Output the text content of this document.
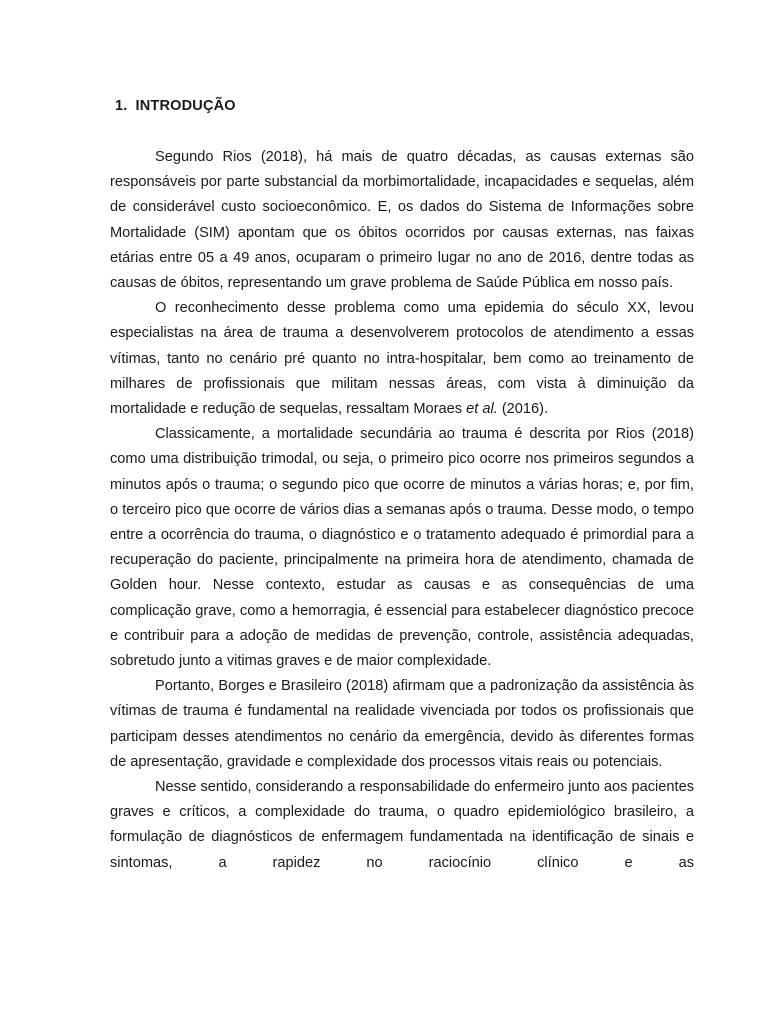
1. INTRODUÇÃO

Segundo Rios (2018), há mais de quatro décadas, as causas externas são responsáveis por parte substancial da morbimortalidade, incapacidades e sequelas, além de considerável custo socioeconômico. E, os dados do Sistema de Informações sobre Mortalidade (SIM) apontam que os óbitos ocorridos por causas externas, nas faixas etárias entre 05 a 49 anos, ocuparam o primeiro lugar no ano de 2016, dentre todas as causas de óbitos, representando um grave problema de Saúde Pública em nosso país.

O reconhecimento desse problema como uma epidemia do século XX, levou especialistas na área de trauma a desenvolverem protocolos de atendimento a essas vítimas, tanto no cenário pré quanto no intra-hospitalar, bem como ao treinamento de milhares de profissionais que militam nessas áreas, com vista à diminuição da mortalidade e redução de sequelas, ressaltam Moraes et al. (2016).

Classicamente, a mortalidade secundária ao trauma é descrita por Rios (2018) como uma distribuição trimodal, ou seja, o primeiro pico ocorre nos primeiros segundos a minutos após o trauma; o segundo pico que ocorre de minutos a várias horas; e, por fim, o terceiro pico que ocorre de vários dias a semanas após o trauma. Desse modo, o tempo entre a ocorrência do trauma, o diagnóstico e o tratamento adequado é primordial para a recuperação do paciente, principalmente na primeira hora de atendimento, chamada de Golden hour. Nesse contexto, estudar as causas e as consequências de uma complicação grave, como a hemorragia, é essencial para estabelecer diagnóstico precoce e contribuir para a adoção de medidas de prevenção, controle, assistência adequadas, sobretudo junto a vitimas graves e de maior complexidade.

Portanto, Borges e Brasileiro (2018) afirmam que a padronização da assistência às vítimas de trauma é fundamental na realidade vivenciada por todos os profissionais que participam desses atendimentos no cenário da emergência, devido às diferentes formas de apresentação, gravidade e complexidade dos processos vitais reais ou potenciais.

Nesse sentido, considerando a responsabilidade do enfermeiro junto aos pacientes graves e críticos, a complexidade do trauma, o quadro epidemiológico brasileiro, a formulação de diagnósticos de enfermagem fundamentada na identificação de sinais e sintomas, a rapidez no raciocínio clínico e as
